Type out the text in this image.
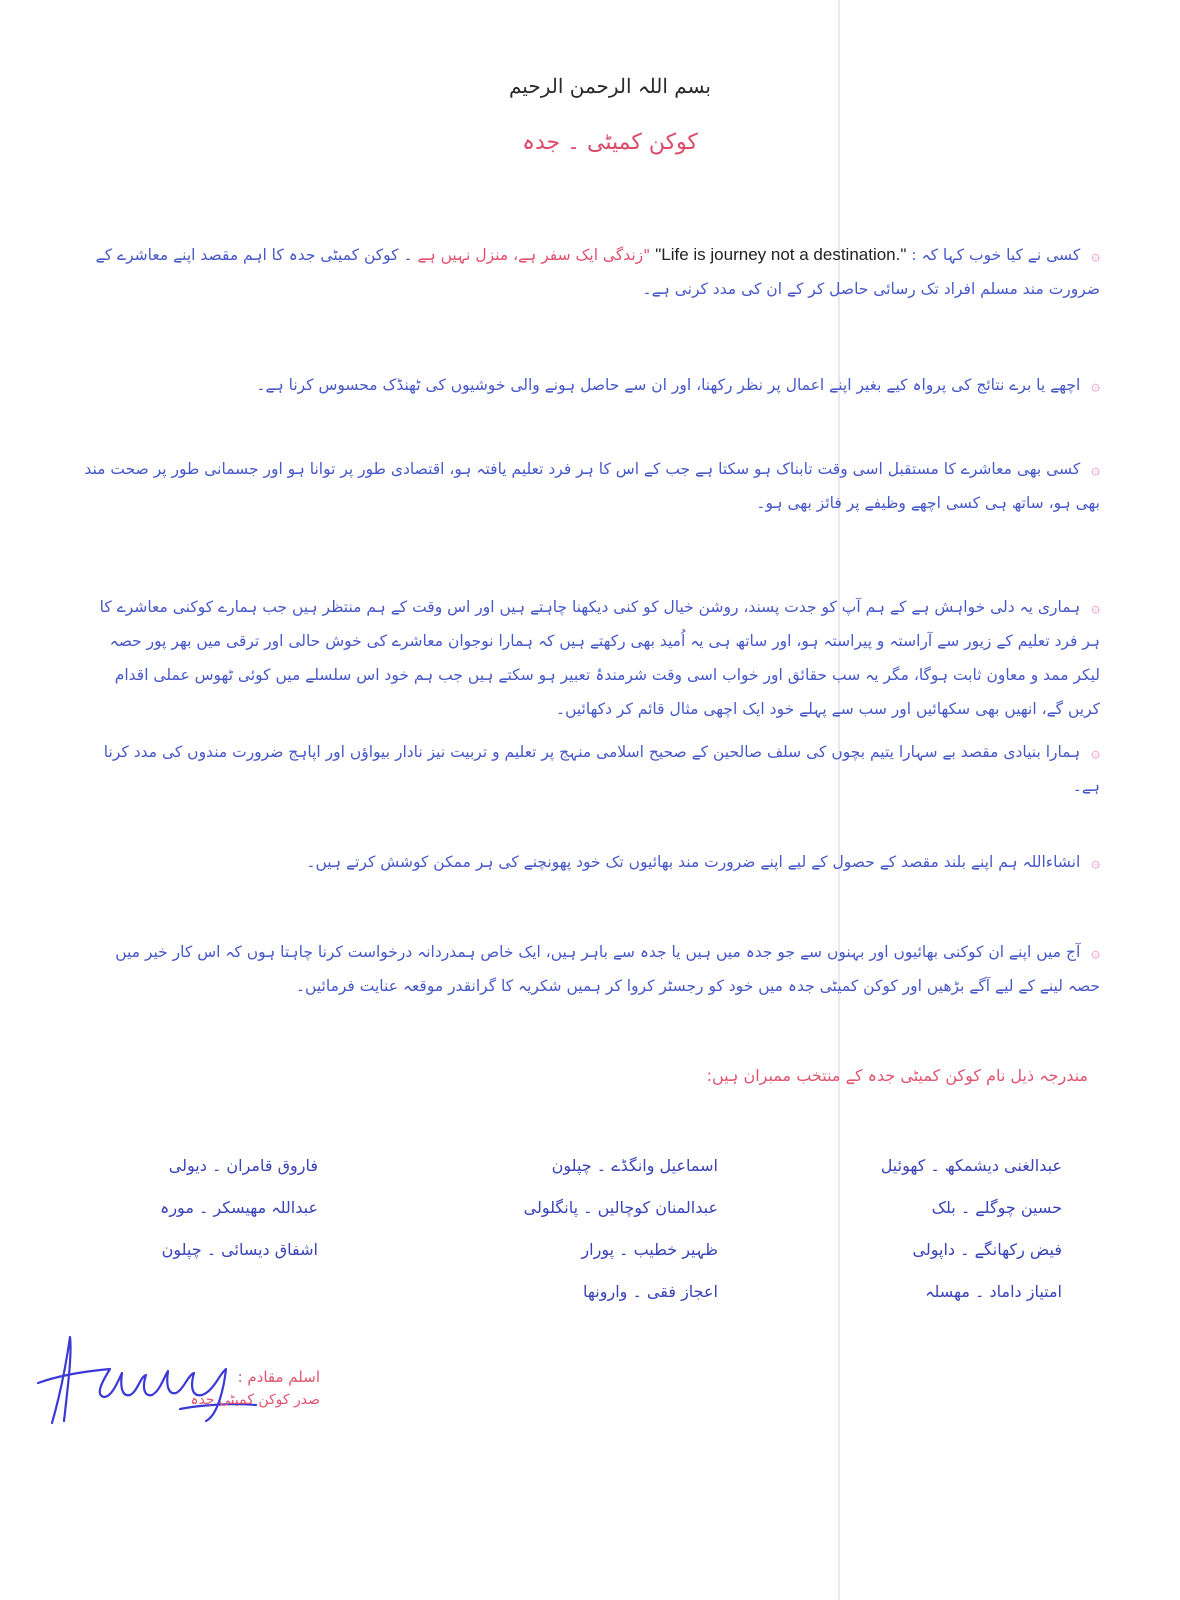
بسم اللہ الرحمن الرحیم
کوکن کمیٹی ۔ جدہ
۞ کسی نے کیا خوب کہا کہ : "Life is journey not a destination." "زندگی ایک سفر ہے، منزل نہیں ہے ۔ کوکن کمیٹی جدہ کا اہم مقصد اپنے معاشرے کے ضرورت مند مسلم افراد تک رسائی حاصل کر کے ان کی مدد کرنی ہے۔
۞ اچھے یا برے نتائج کی پرواہ کیے بغیر اپنے اعمال پر نظر رکھنا، اور ان سے حاصل ہونے والی خوشیوں کی ٹھنڈک محسوس کرنا ہے۔
۞ کسی بھی معاشرے کا مستقبل اسی وقت تابناک ہو سکتا ہے جب کے اس کا ہر فرد تعلیم یافتہ ہو، اقتصادی طور پر توانا ہو اور جسمانی طور پر صحت مند بھی ہو، ساتھ ہی کسی اچھے وظیفے پر فائز بھی ہو۔
۞ ہماری یہ دلی خواہش ہے کے ہم آپ کو جدت پسند، روشن خیال کو کنی دیکھنا چاہتے ہیں اور اس وقت کے ہم منتظر ہیں جب ہمارے کوکنی معاشرے کا ہر فرد تعلیم کے زیور سے آراستہ و پیراستہ ہو، اور ساتھ ہی یہ اُمید بھی رکھتے ہیں کہ ہمارا نوجوان معاشرے کی خوش حالی اور ترقی میں بھر پور حصہ لیکر ممد و معاون ثابت ہوگا، مگر یہ سب حقائق اور خواب اسی وقت شرمندۂ تعبیر ہو سکتے ہیں جب ہم خود اس سلسلے میں کوئی ٹھوس عملی اقدام کریں گے، انھیں بھی سکھائیں اور سب سے پہلے خود ایک اچھی مثال قائم کر دکھائیں۔
۞ ہمارا بنیادی مقصد بے سہارا یتیم بچوں کی سلف صالحین کے صحیح اسلامی منہج پر تعلیم و تربیت نیز نادار بیواؤں اور اپاہج ضرورت مندوں کی مدد کرنا ہے۔
۞ انشاءاللہ ہم اپنے بلند مقصد کے حصول کے لیے اپنے ضرورت مند بھائیوں تک خود پھونچنے کی ہر ممکن کوشش کرتے ہیں۔
۞ آج میں اپنے ان کوکنی بھائیوں اور بہنوں سے جو جدہ میں ہیں یا جدہ سے باہر ہیں، ایک خاص ہمدردانہ درخواست کرنا چاہتا ہوں کہ اس کار خیر میں حصہ لینے کے لیے آگے بڑھیں اور کوکن کمیٹی جدہ میں خود کو رجسٹر کروا کر ہمیں شکریہ کا گرانقدر موقعہ عنایت فرمائیں۔
مندرجہ ذیل نام کوکن کمیٹی جدہ کے منتخب ممبران ہیں:
عبدالغنی دیشمکھ ۔ کھوئیل
حسین چوگلے ۔ بلک
فیض رکھانگے ۔ داپولی
امتیاز داماد ۔ مھسلہ
اسماعیل وانگڈے ۔ چپلون
عبدالمنان کوچالیں ۔ پانگلولی
ظہیر خطیب ۔ پورار
اعجاز فقی ۔ وارونھا
فاروق قامران ۔ دیولی
عبداللہ مھیسکر ۔ مورہ
اشفاق دیسائی ۔ چپلون
اسلم مقادم :
صدر کوکن کمیٹی جدہ
